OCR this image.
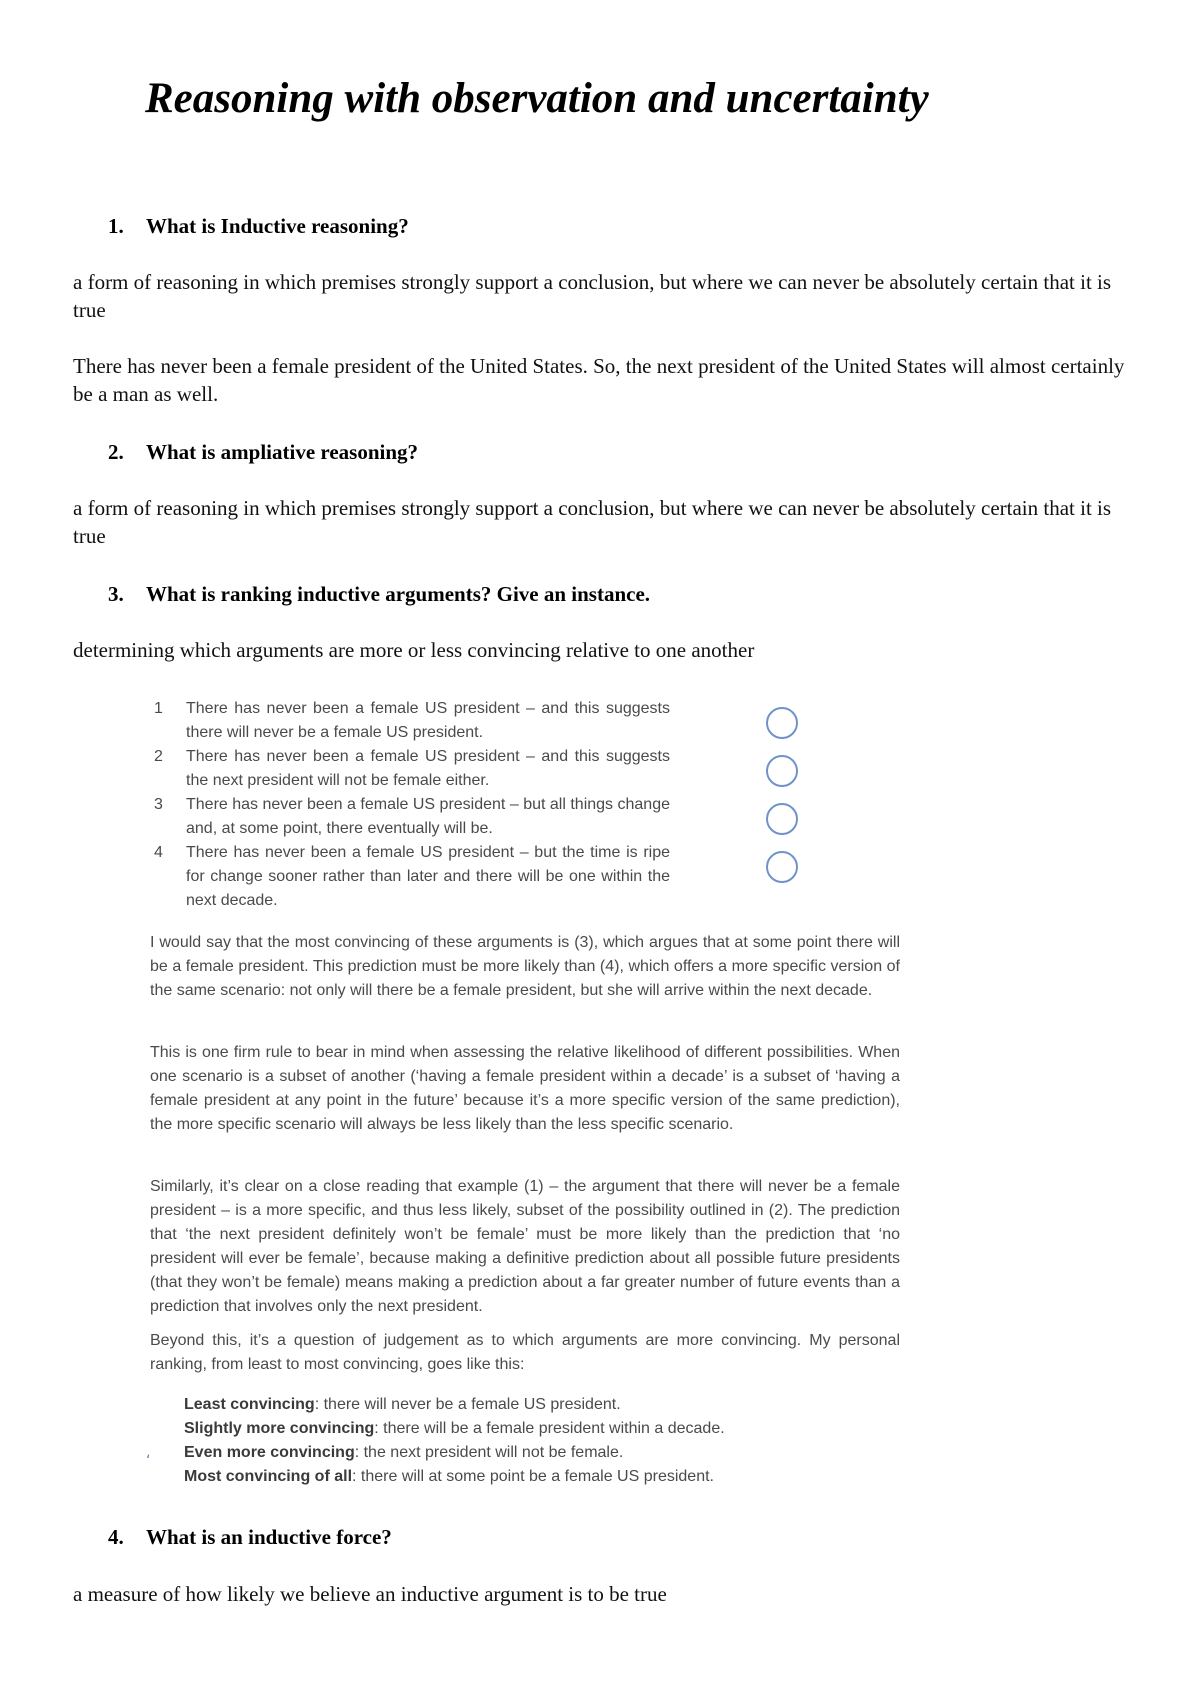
Reasoning with observation and uncertainty

1. What is Inductive reasoning?

a form of reasoning in which premises strongly support a conclusion, but where we can never be absolutely certain that it is true

There has never been a female president of the United States. So, the next president of the United States will almost certainly be a man as well.

2. What is ampliative reasoning?

a form of reasoning in which premises strongly support a conclusion, but where we can never be absolutely certain that it is true

3. What is ranking inductive arguments? Give an instance.

determining which arguments are more or less convincing relative to one another

1 There has never been a female US president – and this suggests there will never be a female US president.
2 There has never been a female US president – and this suggests the next president will not be female either.
3 There has never been a female US president – but all things change and, at some point, there eventually will be.
4 There has never been a female US president – but the time is ripe for change sooner rather than later and there will be one within the next decade.

I would say that the most convincing of these arguments is (3), which argues that at some point there will be a female president. This prediction must be more likely than (4), which offers a more specific version of the same scenario: not only will there be a female president, but she will arrive within the next decade.

This is one firm rule to bear in mind when assessing the relative likelihood of different possibilities. When one scenario is a subset of another (‘having a female president within a decade’ is a subset of ‘having a female president at any point in the future’ because it’s a more specific version of the same prediction), the more specific scenario will always be less likely than the less specific scenario.

Similarly, it’s clear on a close reading that example (1) – the argument that there will never be a female president – is a more specific, and thus less likely, subset of the possibility outlined in (2). The prediction that ‘the next president definitely won’t be female’ must be more likely than the prediction that ‘no president will ever be female’, because making a definitive prediction about all possible future presidents (that they won’t be female) means making a prediction about a far greater number of future events than a prediction that involves only the next president.

Beyond this, it’s a question of judgement as to which arguments are more convincing. My personal ranking, from least to most convincing, goes like this:

Least convincing: there will never be a female US president.

Slightly more convincing: there will be a female president within a decade.

Even more convincing: the next president will not be female.

Most convincing of all: there will at some point be a female US president.

‘

4. What is an inductive force?

a measure of how likely we believe an inductive argument is to be true
